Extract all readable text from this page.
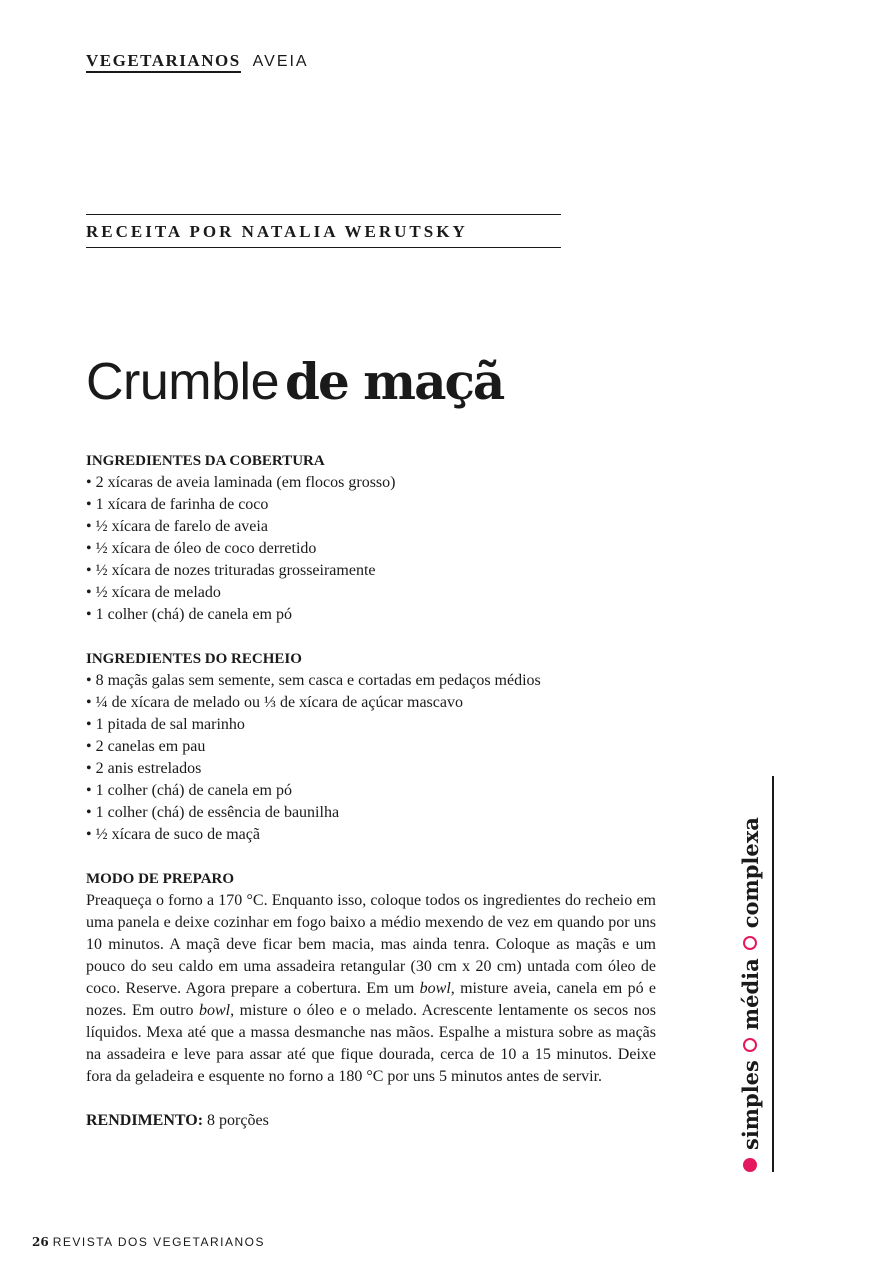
VEGETARIANOS AVEIA
RECEITA POR NATALIA WERUTSKY
Crumble de maçã
INGREDIENTES DA COBERTURA
• 2 xícaras de aveia laminada (em flocos grosso)
• 1 xícara de farinha de coco
• ½ xícara de farelo de aveia
• ½ xícara de óleo de coco derretido
• ½ xícara de nozes trituradas grosseiramente
• ½ xícara de melado
• 1 colher (chá) de canela em pó
INGREDIENTES DO RECHEIO
• 8 maçãs galas sem semente, sem casca e cortadas em pedaços médios
• ¼ de xícara de melado ou ⅓ de xícara de açúcar mascavo
• 1 pitada de sal marinho
• 2 canelas em pau
• 2 anis estrelados
• 1 colher (chá) de canela em pó
• 1 colher (chá) de essência de baunilha
• ½ xícara de suco de maçã
MODO DE PREPARO

Preaqueça o forno a 170 °C. Enquanto isso, coloque todos os ingredientes do recheio em uma panela e deixe cozinhar em fogo baixo a médio mexendo de vez em quando por uns 10 minutos. A maçã deve ficar bem macia, mas ainda tenra. Coloque as maçãs e um pouco do seu caldo em uma assadeira retangular (30 cm x 20 cm) untada com óleo de coco. Reserve. Agora prepare a cobertura. Em um bowl, misture aveia, canela em pó e nozes. Em outro bowl, misture o óleo e o melado. Acrescente lentamente os secos nos líquidos. Mexa até que a massa desmanche nas mãos. Espalhe a mistura sobre as maçãs na assadeira e leve para assar até que fique dourada, cerca de 10 a 15 minutos. Deixe fora da geladeira e esquente no forno a 180 °C por uns 5 minutos antes de servir.

RENDIMENTO: 8 porções	simples
média
complexa
26 REVISTA DOS VEGETARIANOS
